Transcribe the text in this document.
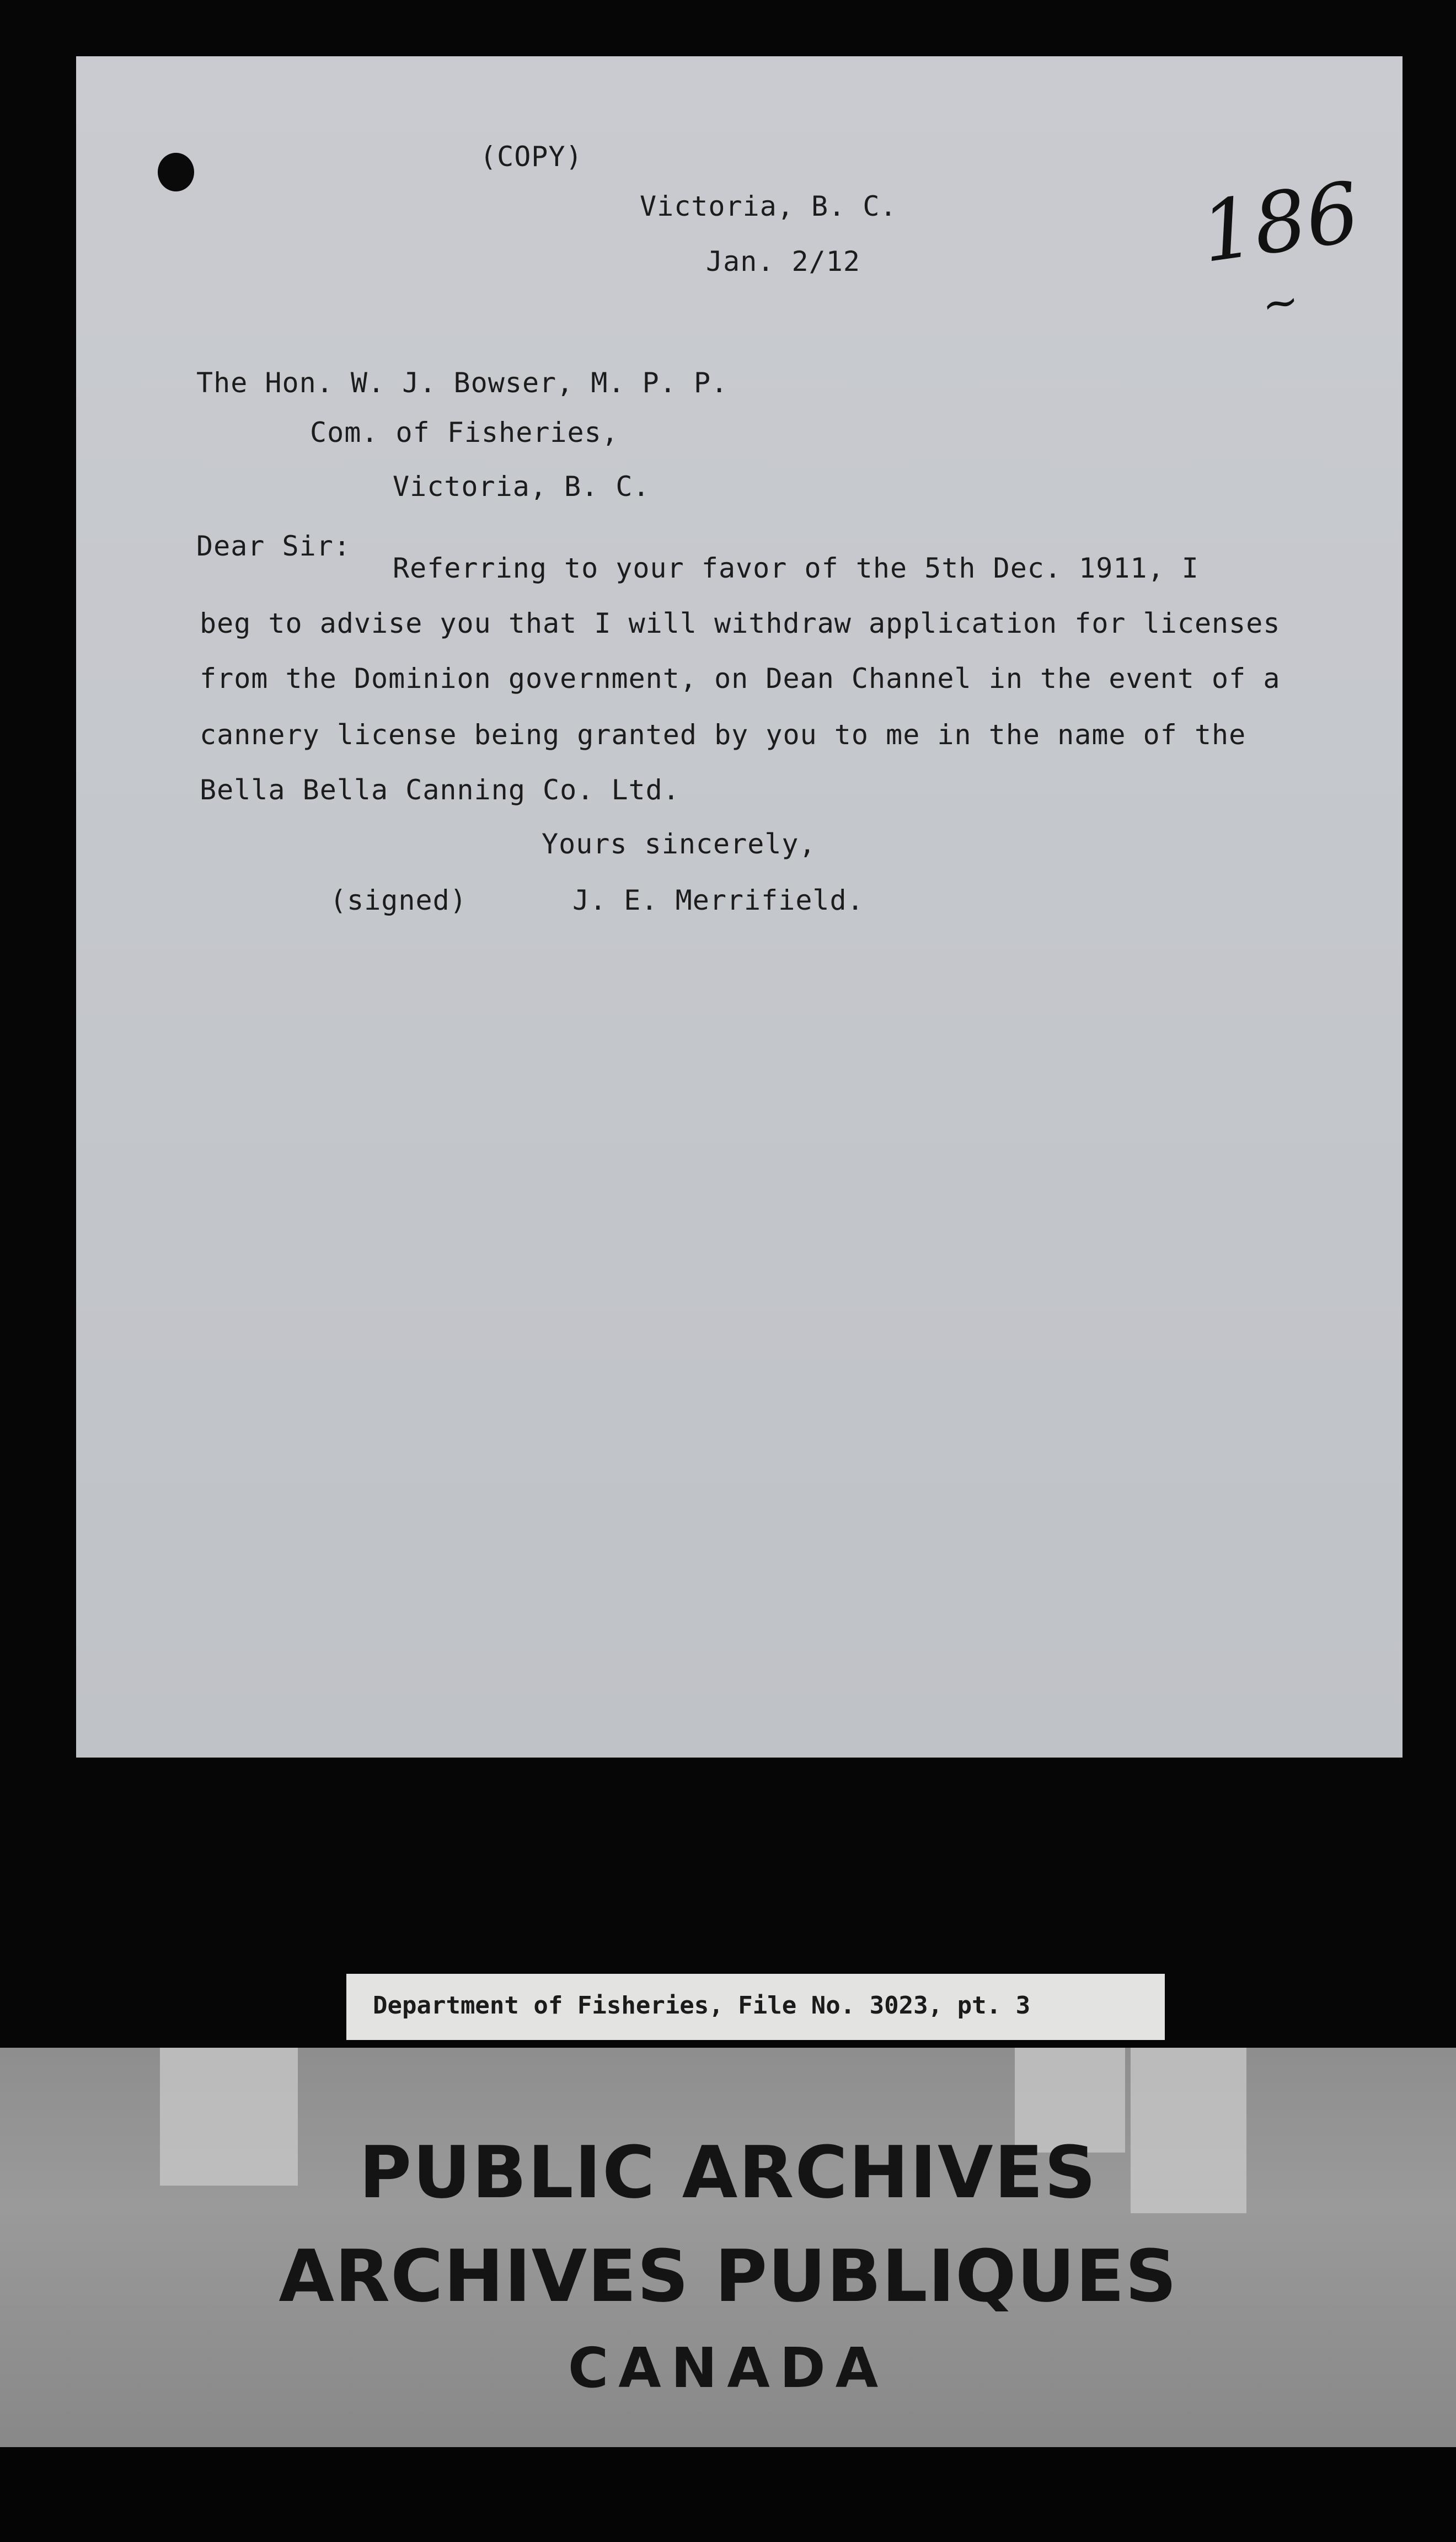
(COPY)
Victoria, B. C.
Jan. 2/12
The Hon. W. J. Bowser, M. P. P.
Com. of Fisheries,
Victoria, B. C.
Dear Sir:
Referring to your favor of the 5th Dec. 1911, I
beg to advise you that I will withdraw application for licenses
from the Dominion government, on Dean Channel in the event of a
cannery license being granted by you to me in the name of the
Bella Bella Canning Co. Ltd.
Yours sincerely,
(signed)	J. E. Merrifield.
186
~
Department of Fisheries, File No. 3023, pt. 3
PUBLIC ARCHIVES
ARCHIVES PUBLIQUES
CANADA
